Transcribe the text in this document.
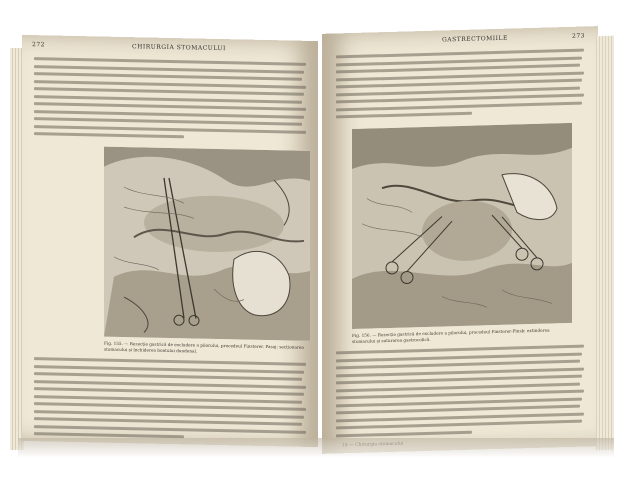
272	CHIRURGIA STOMACULUI
Fig. 155. — Rezecție gastrică de excludere a pilorului, procedeul Finsterer. Pasaj: secționarea stomacului și închiderea bontului duodenal.
GASTRECTOMIILE	273
Fig. 156. — Rezecție gastrică de excludere a pilorului, procedeul Finsterer-Pinsk: extinderea stomacului și suturarea gastrocolică.
